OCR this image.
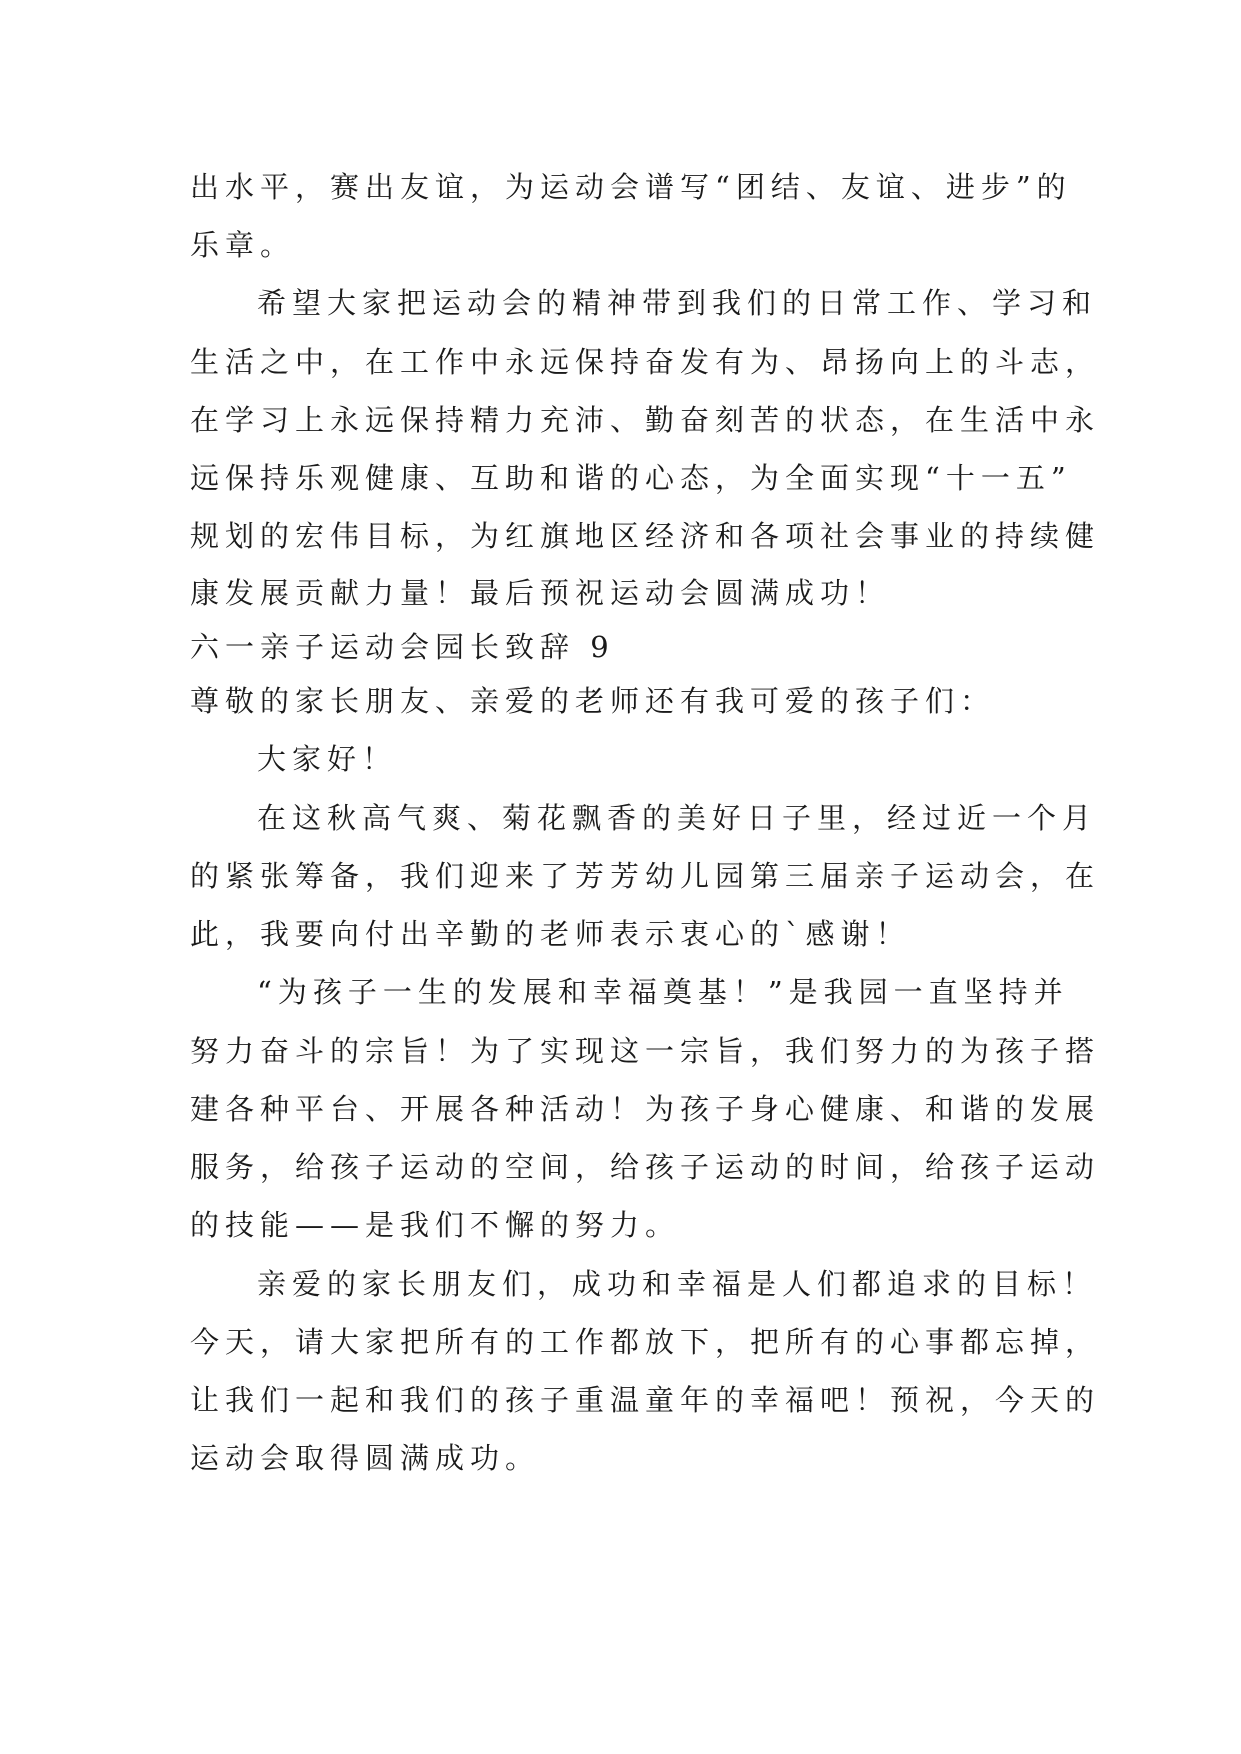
出水平，赛出友谊，为运动会谱写“团结、友谊、进步”的
乐章。
希望大家把运动会的精神带到我们的日常工作、学习和
生活之中，在工作中永远保持奋发有为、昂扬向上的斗志，
在学习上永远保持精力充沛、勤奋刻苦的状态，在生活中永
远保持乐观健康、互助和谐的心态，为全面实现“十一五”
规划的宏伟目标，为红旗地区经济和各项社会事业的持续健
康发展贡献力量！最后预祝运动会圆满成功！
六一亲子运动会园长致辞 9
尊敬的家长朋友、亲爱的老师还有我可爱的孩子们：
大家好！
在这秋高气爽、菊花飘香的美好日子里，经过近一个月
的紧张筹备，我们迎来了芳芳幼儿园第三届亲子运动会，在
此，我要向付出辛勤的老师表示衷心的`感谢！
“为孩子一生的发展和幸福奠基！”是我园一直坚持并
努力奋斗的宗旨！为了实现这一宗旨，我们努力的为孩子搭
建各种平台、开展各种活动！为孩子身心健康、和谐的发展
服务，给孩子运动的空间，给孩子运动的时间，给孩子运动
的技能——是我们不懈的努力。
亲爱的家长朋友们，成功和幸福是人们都追求的目标！
今天，请大家把所有的工作都放下，把所有的心事都忘掉，
让我们一起和我们的孩子重温童年的幸福吧！预祝，今天的
运动会取得圆满成功。
